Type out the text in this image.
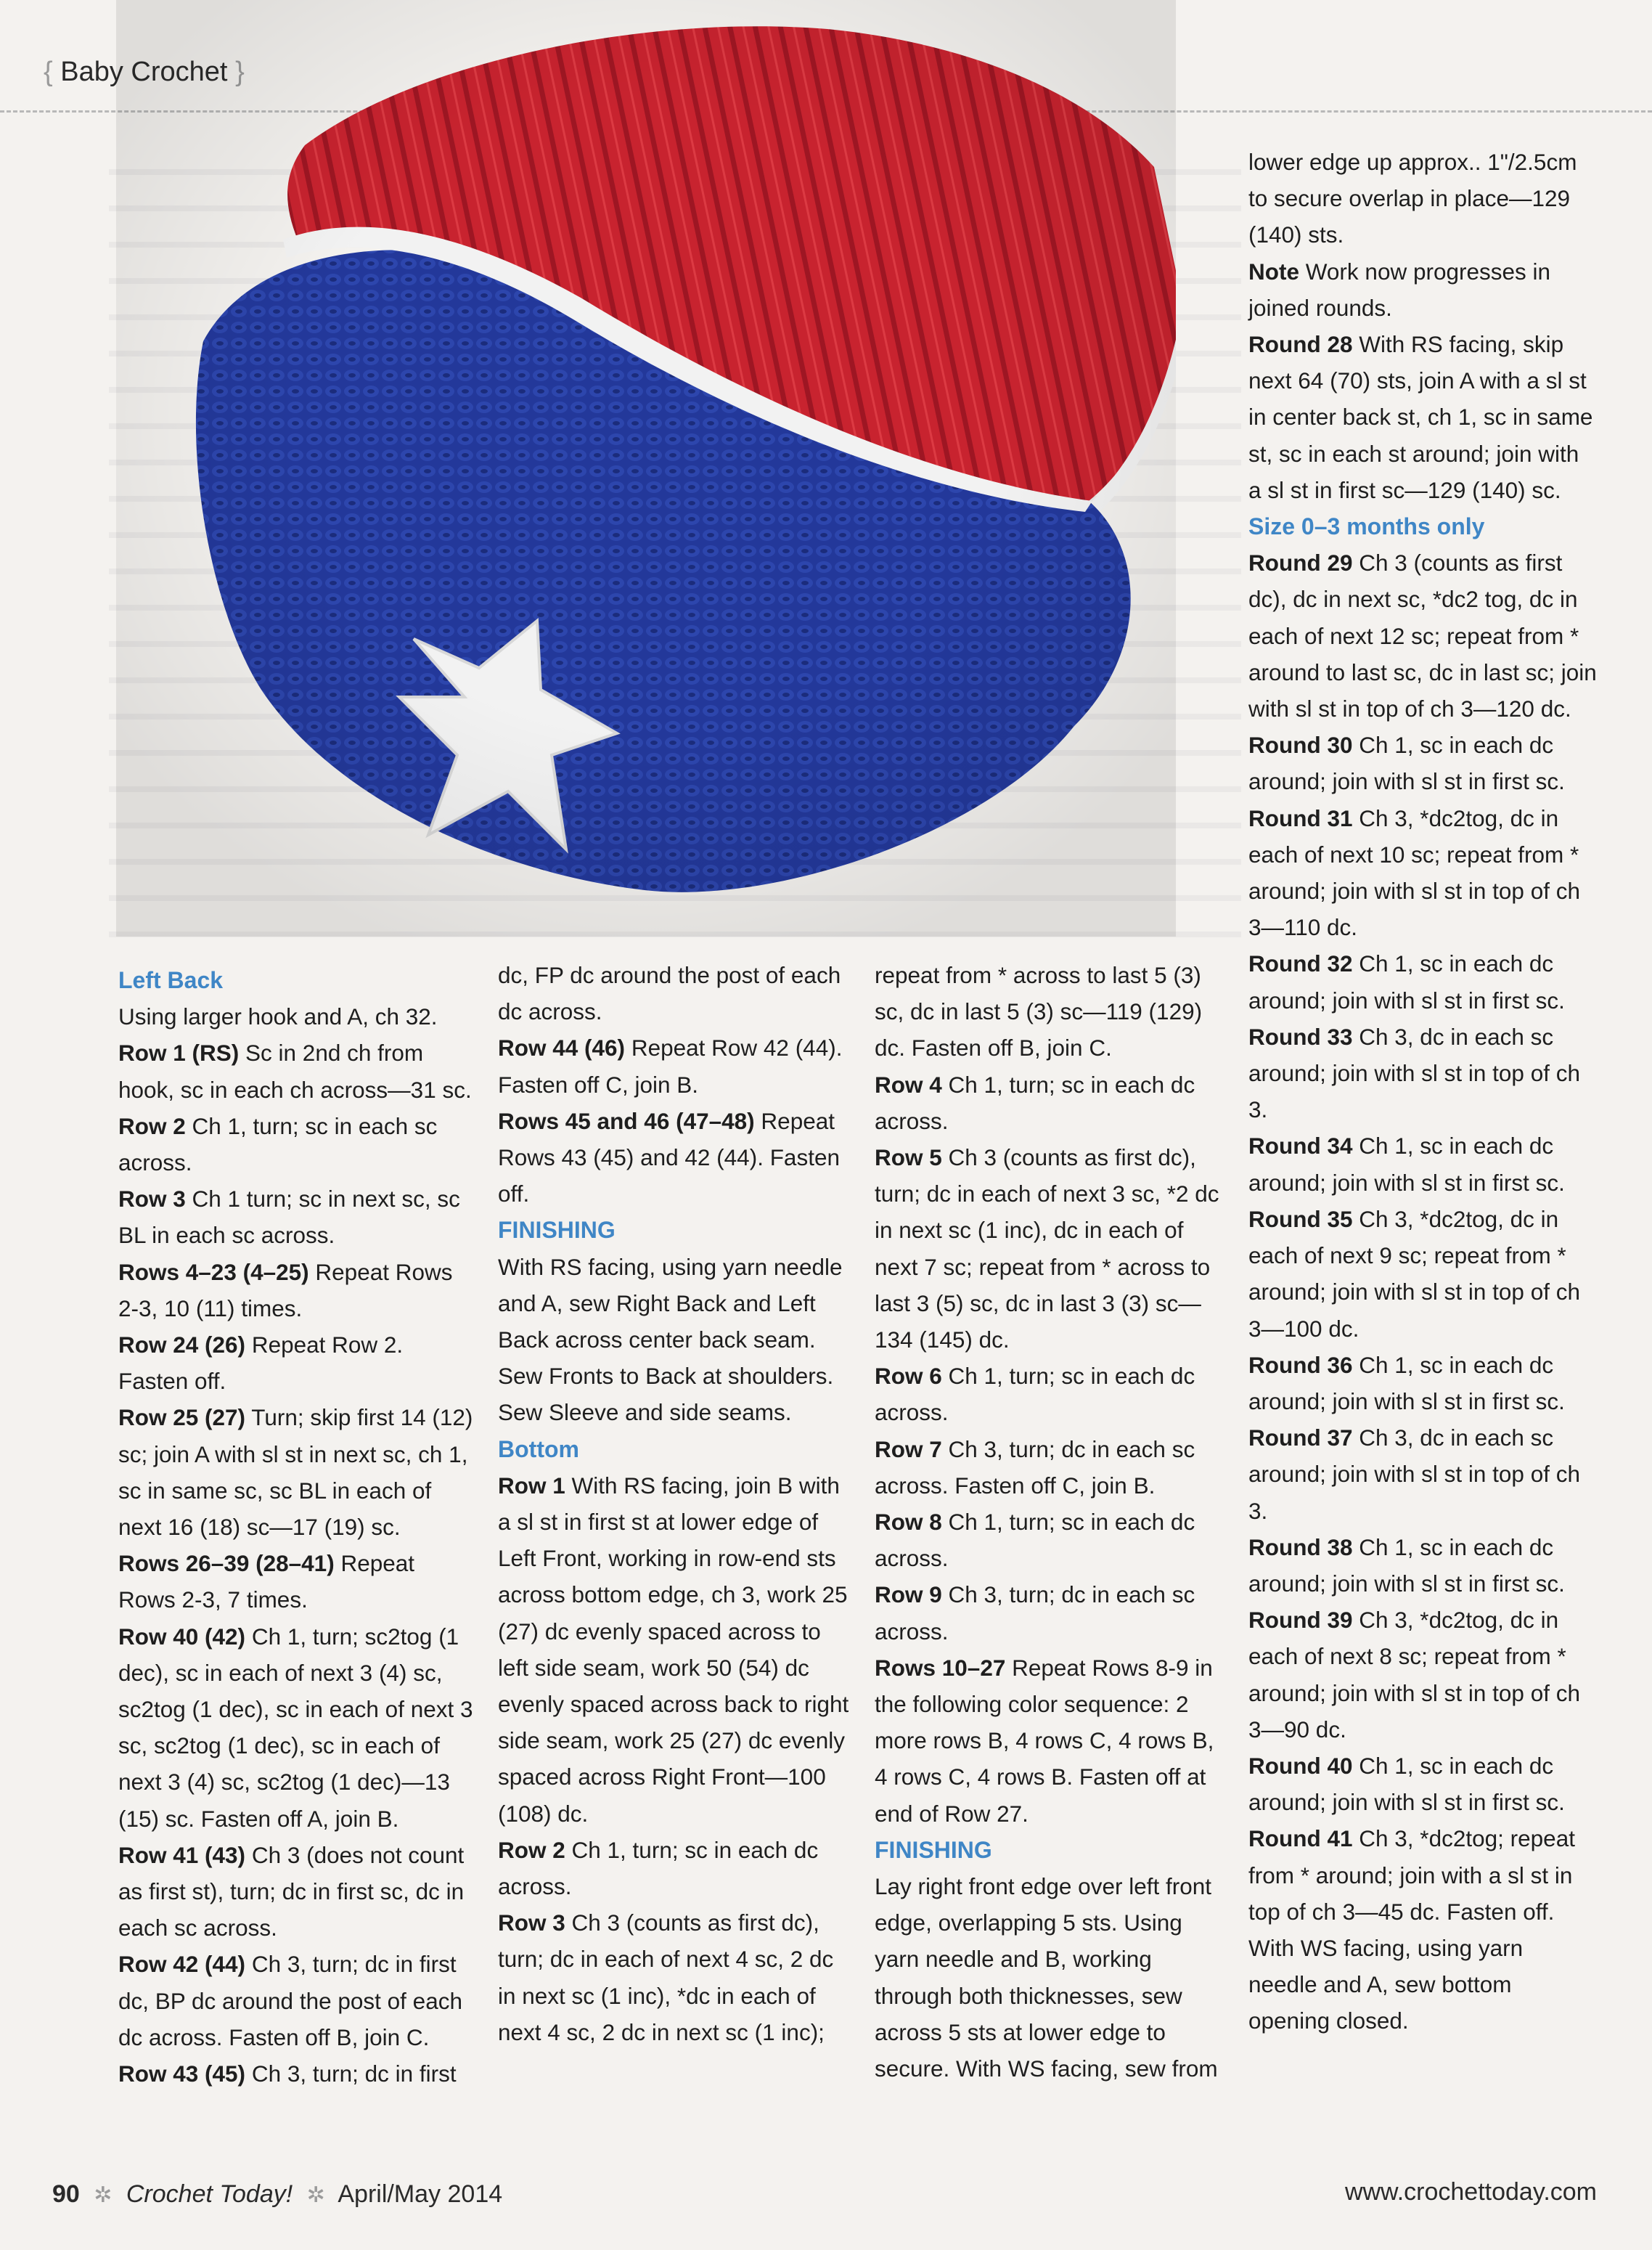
{ Baby Crochet }

Left Back

Using larger hook and A, ch 32.

Row 1 (RS) Sc in 2nd ch from hook, sc in each ch across—31 sc.

Row 2 Ch 1, turn; sc in each sc across.

Row 3 Ch 1 turn; sc in next sc, sc BL in each sc across.

Rows 4–23 (4–25) Repeat Rows 2-3, 10 (11) times.

Row 24 (26) Repeat Row 2. Fasten off.

Row 25 (27) Turn; skip first 14 (12) sc; join A with sl st in next sc, ch 1, sc in same sc, sc BL in each of next 16 (18) sc—17 (19) sc.

Rows 26–39 (28–41) Repeat Rows 2-3, 7 times.

Row 40 (42) Ch 1, turn; sc2tog (1 dec), sc in each of next 3 (4) sc, sc2tog (1 dec), sc in each of next 3 sc, sc2tog (1 dec), sc in each of next 3 (4) sc, sc2tog (1 dec)—13 (15) sc. Fasten off A, join B.

Row 41 (43) Ch 3 (does not count as first st), turn; dc in first sc, dc in each sc across.

Row 42 (44) Ch 3, turn; dc in first dc, BP dc around the post of each dc across. Fasten off B, join C.

Row 43 (45) Ch 3, turn; dc in first

dc, FP dc around the post of each dc across.

Row 44 (46) Repeat Row 42 (44). Fasten off C, join B.

Rows 45 and 46 (47–48) Repeat Rows 43 (45) and 42 (44). Fasten off.

FINISHING

With RS facing, using yarn needle and A, sew Right Back and Left Back across center back seam. Sew Fronts to Back at shoulders. Sew Sleeve and side seams.

Bottom

Row 1 With RS facing, join B with a sl st in first st at lower edge of Left Front, working in row-end sts across bottom edge, ch 3, work 25 (27) dc evenly spaced across to left side seam, work 50 (54) dc evenly spaced across back to right side seam, work 25 (27) dc evenly spaced across Right Front—100 (108) dc.

Row 2 Ch 1, turn; sc in each dc across.

Row 3 Ch 3 (counts as first dc), turn; dc in each of next 4 sc, 2 dc in next sc (1 inc), *dc in each of next 4 sc, 2 dc in next sc (1 inc);

repeat from * across to last 5 (3) sc, dc in last 5 (3) sc—119 (129) dc. Fasten off B, join C.

Row 4 Ch 1, turn; sc in each dc across.

Row 5 Ch 3 (counts as first dc), turn; dc in each of next 3 sc, *2 dc in next sc (1 inc), dc in each of next 7 sc; repeat from * across to last 3 (5) sc, dc in last 3 (3) sc—134 (145) dc.

Row 6 Ch 1, turn; sc in each dc across.

Row 7 Ch 3, turn; dc in each sc across. Fasten off C, join B.

Row 8 Ch 1, turn; sc in each dc across.

Row 9 Ch 3, turn; dc in each sc across.

Rows 10–27 Repeat Rows 8-9 in the following color sequence: 2 more rows B, 4 rows C, 4 rows B, 4 rows C, 4 rows B. Fasten off at end of Row 27.

FINISHING

Lay right front edge over left front edge, overlapping 5 sts. Using yarn needle and B, working through both thicknesses, sew across 5 sts at lower edge to secure. With WS facing, sew from

lower edge up approx.. 1"/2.5cm to secure overlap in place—129 (140) sts.

Note Work now progresses in joined rounds.

Round 28 With RS facing, skip next 64 (70) sts, join A with a sl st in center back st, ch 1, sc in same st, sc in each st around; join with a sl st in first sc—129 (140) sc.

Size 0–3 months only

Round 29 Ch 3 (counts as first dc), dc in next sc, *dc2 tog, dc in each of next 12 sc; repeat from * around to last sc, dc in last sc; join with sl st in top of ch 3—120 dc.

Round 30 Ch 1, sc in each dc around; join with sl st in first sc.

Round 31 Ch 3, *dc2tog, dc in each of next 10 sc; repeat from * around; join with sl st in top of ch 3—110 dc.

Round 32 Ch 1, sc in each dc around; join with sl st in first sc.

Round 33 Ch 3, dc in each sc around; join with sl st in top of ch 3.

Round 34 Ch 1, sc in each dc around; join with sl st in first sc.

Round 35 Ch 3, *dc2tog, dc in each of next 9 sc; repeat from * around; join with sl st in top of ch 3—100 dc.

Round 36 Ch 1, sc in each dc around; join with sl st in first sc.

Round 37 Ch 3, dc in each sc around; join with sl st in top of ch 3.

Round 38 Ch 1, sc in each dc around; join with sl st in first sc.

Round 39 Ch 3, *dc2tog, dc in each of next 8 sc; repeat from * around; join with sl st in top of ch 3—90 dc.

Round 40 Ch 1, sc in each dc around; join with sl st in first sc.

Round 41 Ch 3, *dc2tog; repeat from * around; join with a sl st in top of ch 3—45 dc. Fasten off.

With WS facing, using yarn needle and A, sew bottom opening closed.

90 ✲ Crochet Today! ✲ April/May 2014	www.crochettoday.com
